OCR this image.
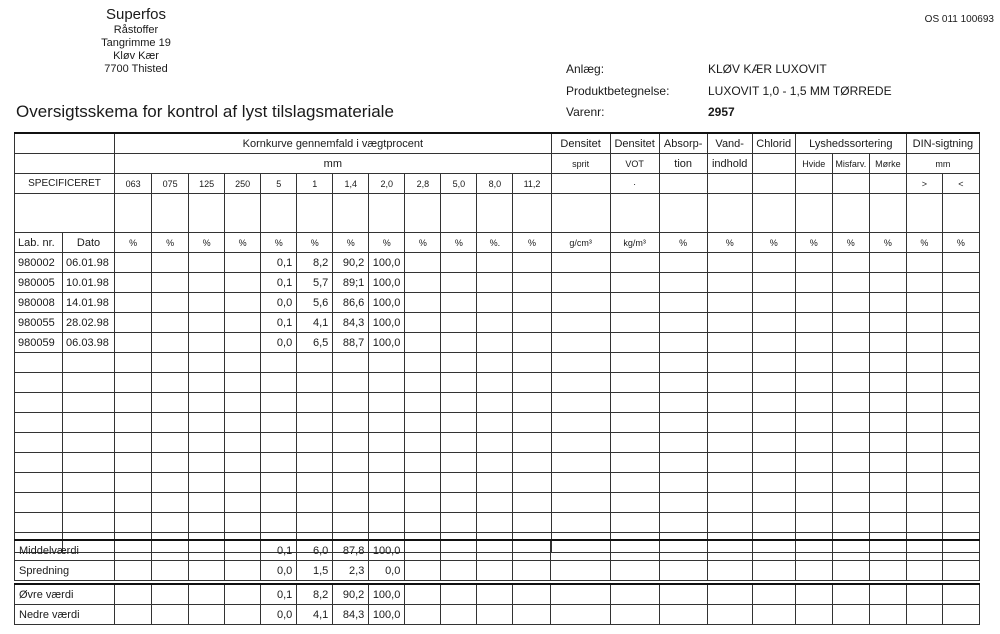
Superfos
Råstoffer
Tangrimme 19
Kløv Kær
7700 Thisted
OS 011 100693
Anlæg:	KLØV KÆR LUXOVIT
Produktbetegnelse:	LUXOVIT 1,0 - 1,5 MM TØRREDE
Varenr:	2957
Oversigtsskema for kontrol af lyst tilslagsmateriale
		Kornkurve gennemfald i vægtprocent												Densitet	Densitet	Absorp-	Vand-	Chlorid	Lyshedssortering			DIN-sigtning	
		mm												sprit	VOT	tion	indhold		Hvide	Misfarv.	Mørke	mm	
SPECIFICERET		063	075	125	250	5	1	1,4	2,0	2,8	5,0	8,0	11,2		·							>	<

Lab. nr.	Dato	%	%	%	%	%	%	%	%	%	%	%.	%	g/cm³	kg/m³	%	%	%	%	%	%	%	%
980002	06.01.98					0,1	8,2	90,2	100,0														
980005	10.01.98					0,1	5,7	89;1	100,0														
980008	14.01.98					0,0	5,6	86,6	100,0														
980055	28.02.98					0,1	4,1	84,3	100,0														
980059	06.03.98					0,0	6,5	88,7	100,0														

Middelværdi					0,1	6,0	87,8	100,0														
Spredning					0,0	1,5	2,3	0,0														
Øvre værdi					0,1	8,2	90,2	100,0														
Nedre værdi					0,0	4,1	84,3	100,0														
